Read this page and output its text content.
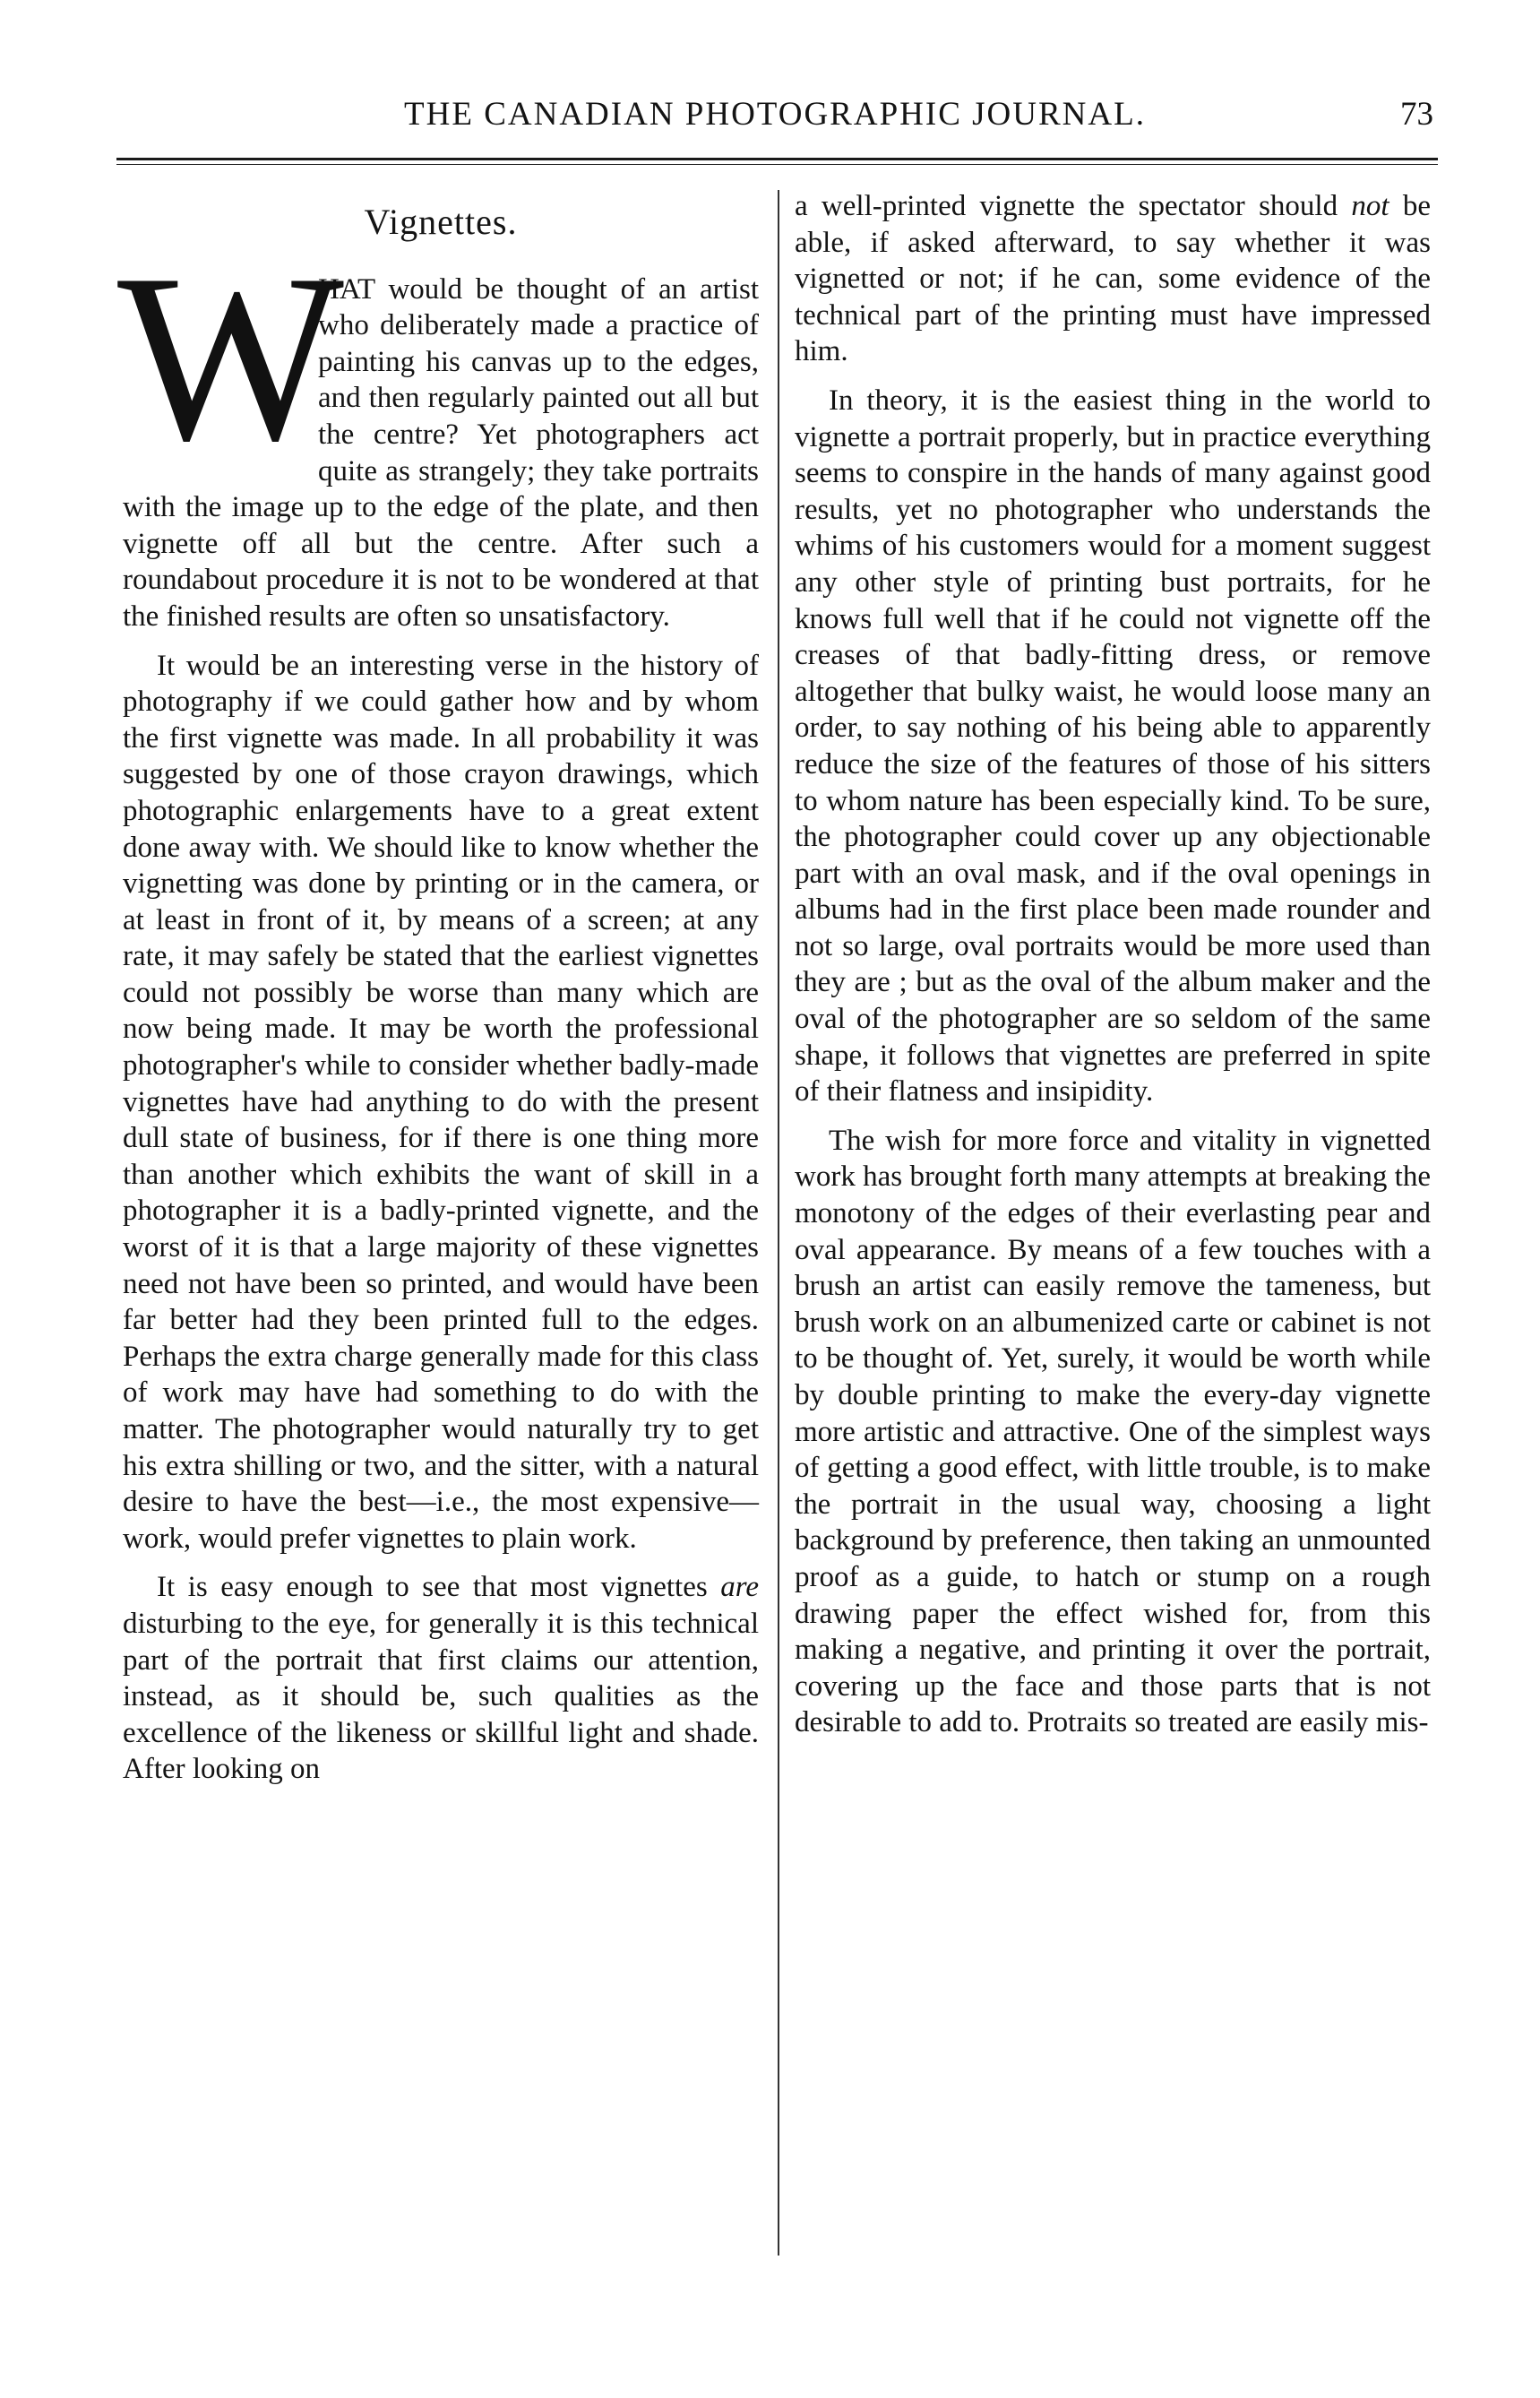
THE CANADIAN PHOTOGRAPHIC JOURNAL.	73
Vignettes.

W
HAT would be thought of an artist who deliberately made a practice of painting his canvas up to the edges, and then regularly painted out all but the centre? Yet photographers act quite as strangely; they take portraits with the image up to the edge of the plate, and then vignette off all but the centre. After such a roundabout procedure it is not to be wondered at that the finished results are often so unsatisfactory.

It would be an interesting verse in the history of photography if we could gather how and by whom the first vignette was made. In all probability it was suggested by one of those crayon drawings, which photographic enlargements have to a great extent done away with. We should like to know whether the vignetting was done by printing or in the camera, or at least in front of it, by means of a screen; at any rate, it may safely be stated that the earliest vignettes could not possibly be worse than many which are now being made. It may be worth the professional photographer's while to consider whether badly-made vignettes have had anything to do with the present dull state of business, for if there is one thing more than another which exhibits the want of skill in a photographer it is a badly-printed vignette, and the worst of it is that a large majority of these vignettes need not have been so printed, and would have been far better had they been printed full to the edges. Perhaps the extra charge generally made for this class of work may have had something to do with the matter. The photographer would naturally try to get his extra shilling or two, and the sitter, with a natural desire to have the best—i.e., the most expensive—work, would prefer vignettes to plain work.

It is easy enough to see that most vignettes are disturbing to the eye, for generally it is this technical part of the portrait that first claims our attention, instead, as it should be, such qualities as the excellence of the likeness or skillful light and shade. After looking on

a well-printed vignette the spectator should not be able, if asked afterward, to say whether it was vignetted or not; if he can, some evidence of the technical part of the printing must have impressed him.

In theory, it is the easiest thing in the world to vignette a portrait properly, but in practice everything seems to conspire in the hands of many against good results, yet no photographer who understands the whims of his customers would for a moment suggest any other style of printing bust portraits, for he knows full well that if he could not vignette off the creases of that badly-fitting dress, or remove altogether that bulky waist, he would loose many an order, to say nothing of his being able to apparently reduce the size of the features of those of his sitters to whom nature has been especially kind. To be sure, the photographer could cover up any objectionable part with an oval mask, and if the oval openings in albums had in the first place been made rounder and not so large, oval portraits would be more used than they are ; but as the oval of the album maker and the oval of the photographer are so seldom of the same shape, it follows that vignettes are preferred in spite of their flatness and insipidity.

The wish for more force and vitality in vignetted work has brought forth many attempts at breaking the monotony of the edges of their everlasting pear and oval appearance. By means of a few touches with a brush an artist can easily remove the tameness, but brush work on an albumenized carte or cabinet is not to be thought of. Yet, surely, it would be worth while by double printing to make the every-day vignette more artistic and attractive. One of the simplest ways of getting a good effect, with little trouble, is to make the portrait in the usual way, choosing a light background by preference, then taking an unmounted proof as a guide, to hatch or stump on a rough drawing paper the effect wished for, from this making a negative, and printing it over the portrait, covering up the face and those parts that is not desirable to add to. Protraits so treated are easily mis-
